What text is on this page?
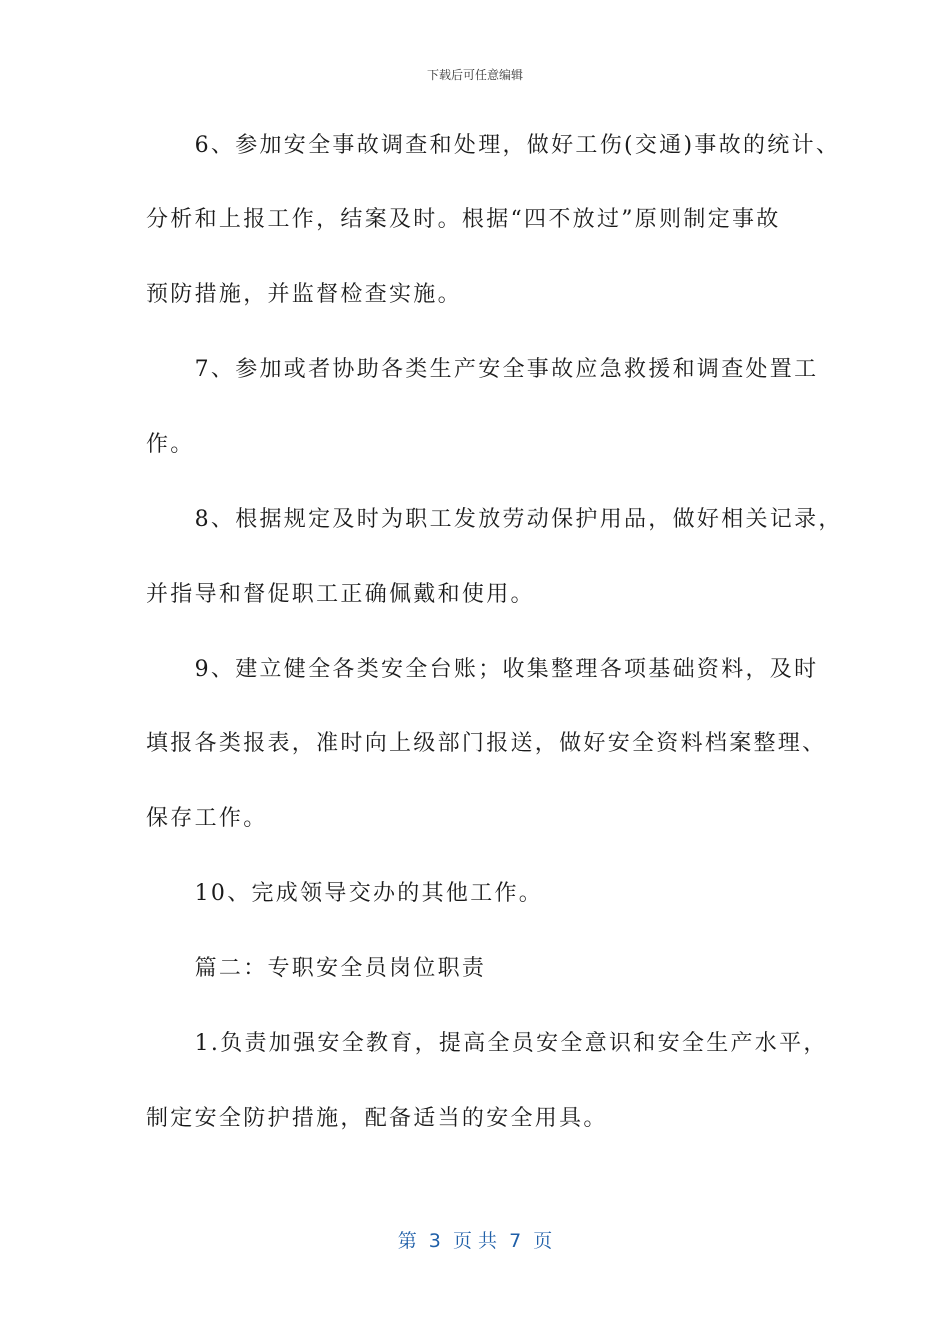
下载后可任意编辑
　　6、参加安全事故调查和处理，做好工伤(交通)事故的统计、
分析和上报工作，结案及时。根据“四不放过”原则制定事故
预防措施，并监督检查实施。
　　7、参加或者协助各类生产安全事故应急救援和调查处置工
作。
　　8、根据规定及时为职工发放劳动保护用品，做好相关记录，
并指导和督促职工正确佩戴和使用。
　　9、建立健全各类安全台账；收集整理各项基础资料，及时
填报各类报表，准时向上级部门报送，做好安全资料档案整理、
保存工作。
　　10、完成领导交办的其他工作。
　　篇二：专职安全员岗位职责
　　1.负责加强安全教育，提高全员安全意识和安全生产水平，
制定安全防护措施，配备适当的安全用具。
第  3  页 共  7  页
